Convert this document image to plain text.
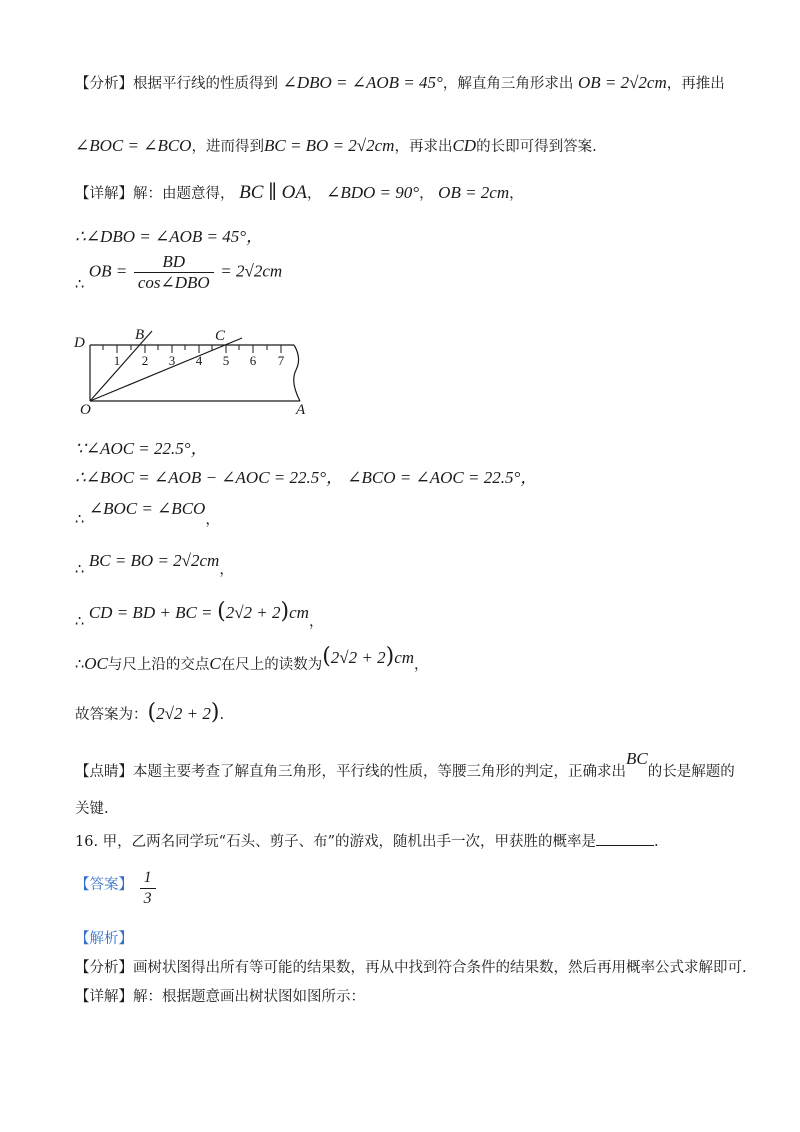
【分析】根据平行线的性质得到 ∠DBO = ∠AOB = 45°，解直角三角形求出 OB = 2√2cm，再推出
∠BOC = ∠BCO，进而得到BC = BO = 2√2cm，再求出CD的长即可得到答案.
【详解】解：由题意得， BC ∥ OA， ∠BDO = 90°， OB = 2cm，
∴∠DBO = ∠AOB = 45°，
∴ OB = $\frac{BD}{\text{cos∠DBO}} = 2√2cm$
1 2 3 4 5 6 7
D	B	C
O	A
∵∠AOC = 22.5°，
∴∠BOC = ∠AOB − ∠AOC = 22.5°， ∠BCO = ∠AOC = 22.5°，
∴ ∠BOC = ∠BCO，
∴ BC = BO = 2√2cm，
∴ CD = BD + BC = (2√2 + 2)cm，
∴OC与尺上沿的交点C在尺上的读数为(2√2 + 2)cm，
故答案为：(2√2 + 2).
【点睛】本题主要考查了解直角三角形，平行线的性质，等腰三角形的判定，正确求出BC的长是解题的
关键.
16. 甲，乙两名同学玩“石头、剪子、布”的游戏，随机出手一次，甲获胜的概率是	.
【答案】 $\frac{1}{3}$
【解析】
【分析】画树状图得出所有等可能的结果数，再从中找到符合条件的结果数，然后再用概率公式求解即可.
【详解】解：根据题意画出树状图如图所示：
